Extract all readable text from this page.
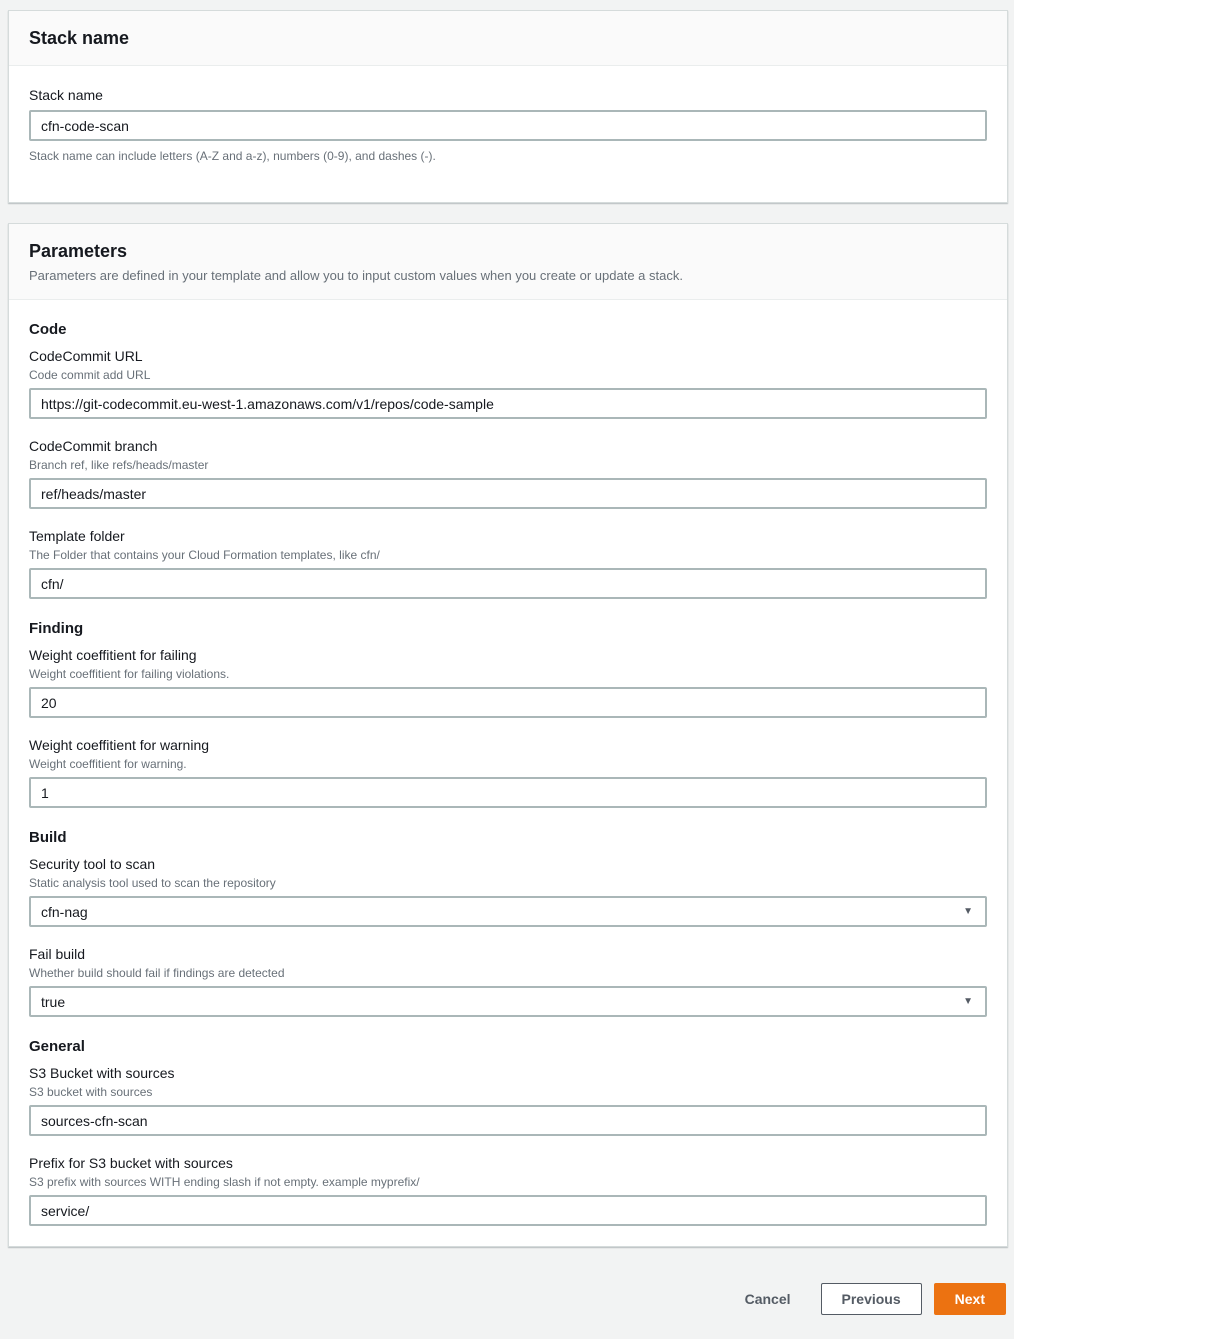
Stack name
Stack name
cfn-code-scan
Stack name can include letters (A-Z and a-z), numbers (0-9), and dashes (-).
Parameters
Parameters are defined in your template and allow you to input custom values when you create or update a stack.
Code
CodeCommit URL
Code commit add URL
https://git-codecommit.eu-west-1.amazonaws.com/v1/repos/code-sample
CodeCommit branch
Branch ref, like refs/heads/master
ref/heads/master
Template folder
The Folder that contains your Cloud Formation templates, like cfn/
cfn/
Finding
Weight coeffitient for failing
Weight coeffitient for failing violations.
20
Weight coeffitient for warning
Weight coeffitient for warning.
1
Build
Security tool to scan
Static analysis tool used to scan the repository
cfn-nag	▼
Fail build
Whether build should fail if findings are detected
true	▼
General
S3 Bucket with sources
S3 bucket with sources
sources-cfn-scan
Prefix for S3 bucket with sources
S3 prefix with sources WITH ending slash if not empty. example myprefix/
service/
Cancel	Previous	Next
